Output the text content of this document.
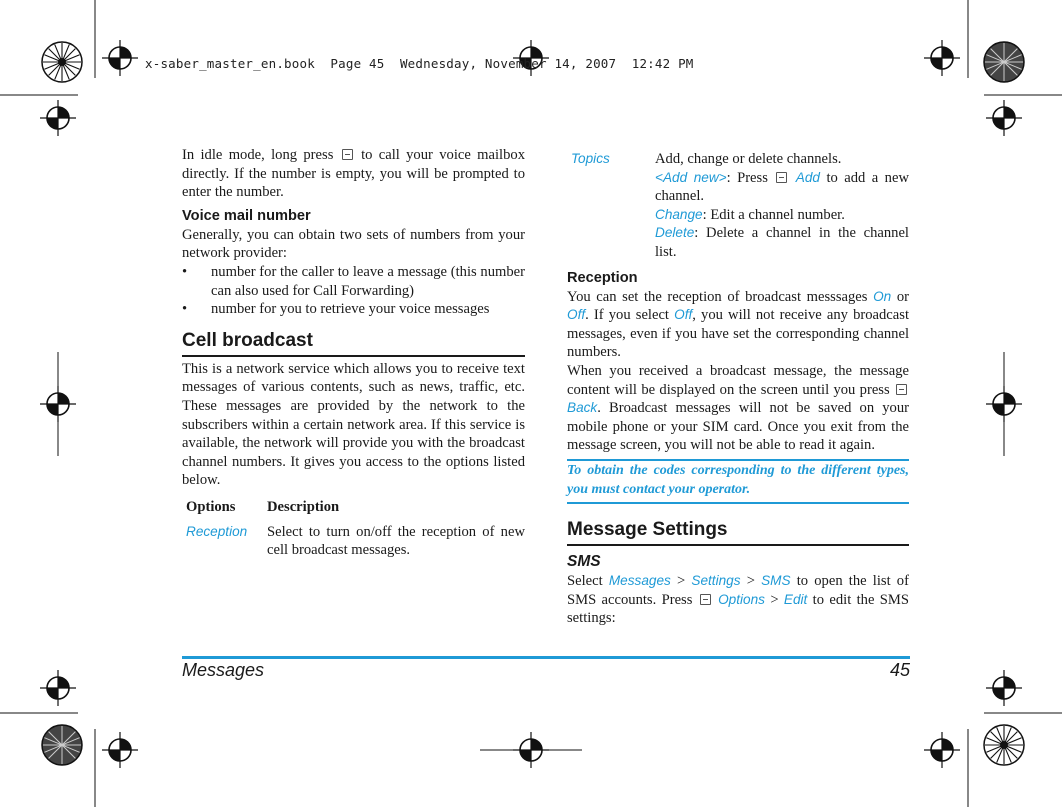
x-saber_master_en.book  Page 45  Wednesday, November 14, 2007  12:42 PM

In idle mode, long press to call your voice mailbox directly. If the number is empty, you will be prompted to enter the number.

Voice mail number

Generally, you can obtain two sets of numbers from your network provider:

• number for the caller to leave a message (this number can also used for Call Forwarding)
• number for you to retrieve your voice messages
Cell broadcast

This is a network service which allows you to receive text messages of various contents, such as news, traffic, etc. These messages are provided by the network to the subscribers within a certain network area. If this service is available, the network will provide you with the broadcast channel numbers. It gives you access to the options listed below.

Options	Description
Reception	Select to turn on/off the reception of new cell broadcast messages.
Topics	Add, change or delete channels.
<Add new>: Press Add to add a new channel.
Change: Edit a channel number.
Delete: Delete a channel in the channel list.
Reception

You can set the reception of broadcast messsages On or Off. If you select Off, you will not receive any broadcast messages, even if you have set the corresponding channel numbers.

When you received a broadcast message, the message content will be displayed on the screen until you press Back. Broadcast messages will not be saved on your mobile phone or your SIM card. Once you exit from the message screen, you will not be able to read it again.

To obtain the codes corresponding to the different types, you must contact your operator.
Message Settings
SMS

Select Messages > Settings > SMS to open the list of SMS accounts. Press Options > Edit to edit the SMS settings:

Messages	45
